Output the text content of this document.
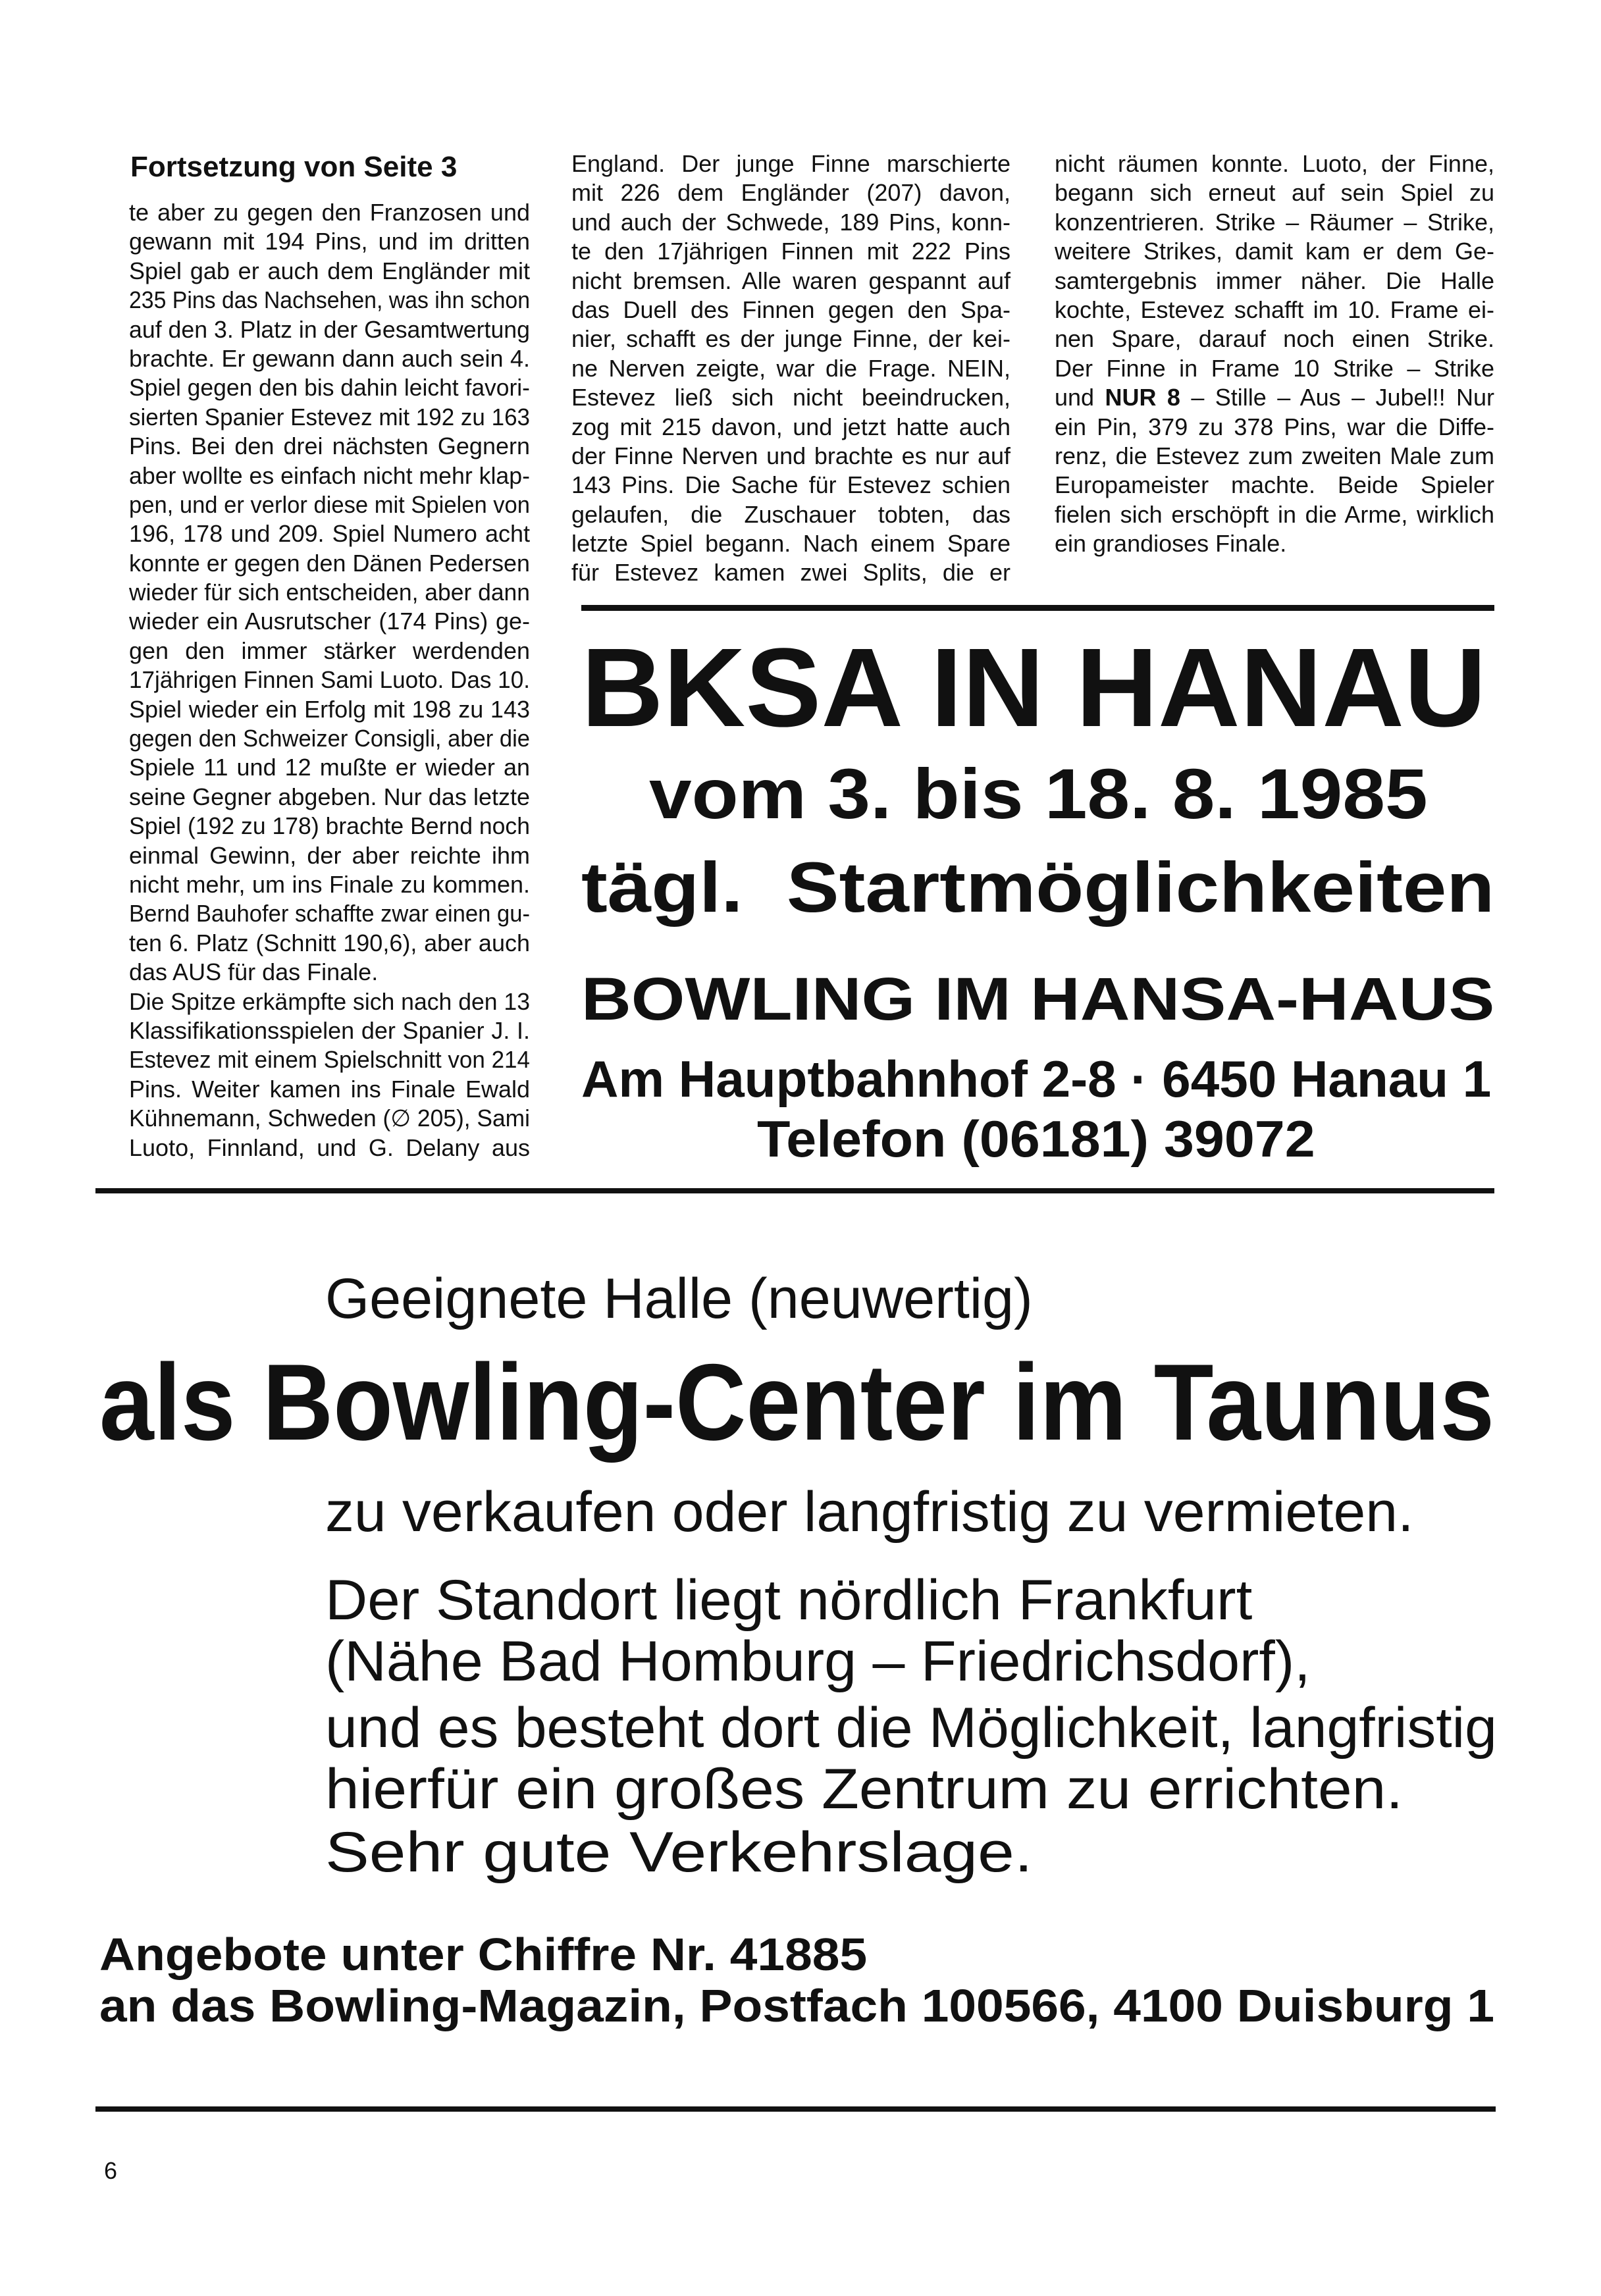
Fortsetzung von Seite 3
te aber zu gegen den Franzosen und
gewann mit 194 Pins, und im dritten
Spiel gab er auch dem Engländer mit
235 Pins das Nachsehen, was ihn schon
auf den 3. Platz in der Gesamtwertung
brachte. Er gewann dann auch sein 4.
Spiel gegen den bis dahin leicht favori-
sierten Spanier Estevez mit 192 zu 163
Pins. Bei den drei nächsten Gegnern
aber wollte es einfach nicht mehr klap-
pen, und er verlor diese mit Spielen von
196, 178 und 209. Spiel Numero acht
konnte er gegen den Dänen Pedersen
wieder für sich entscheiden, aber dann
wieder ein Ausrutscher (174 Pins) ge-
gen den immer stärker werdenden
17jährigen Finnen Sami Luoto. Das 10.
Spiel wieder ein Erfolg mit 198 zu 143
gegen den Schweizer Consigli, aber die
Spiele 11 und 12 mußte er wieder an
seine Gegner abgeben. Nur das letzte
Spiel (192 zu 178) brachte Bernd noch
einmal Gewinn, der aber reichte ihm
nicht mehr, um ins Finale zu kommen.
Bernd Bauhofer schaffte zwar einen gu-
ten 6. Platz (Schnitt 190,6), aber auch
das AUS für das Finale.
Die Spitze erkämpfte sich nach den 13
Klassifikationsspielen der Spanier J. I.
Estevez mit einem Spielschnitt von 214
Pins. Weiter kamen ins Finale Ewald
Kühnemann, Schweden (∅ 205), Sami
Luoto, Finnland, und G. Delany aus
England. Der junge Finne marschierte
mit 226 dem Engländer (207) davon,
und auch der Schwede, 189 Pins, konn-
te den 17jährigen Finnen mit 222 Pins
nicht bremsen. Alle waren gespannt auf
das Duell des Finnen gegen den Spa-
nier, schafft es der junge Finne, der kei-
ne Nerven zeigte, war die Frage. NEIN,
Estevez ließ sich nicht beeindrucken,
zog mit 215 davon, und jetzt hatte auch
der Finne Nerven und brachte es nur auf
143 Pins. Die Sache für Estevez schien
gelaufen, die Zuschauer tobten, das
letzte Spiel begann. Nach einem Spare
für Estevez kamen zwei Splits, die er
nicht räumen konnte. Luoto, der Finne,
begann sich erneut auf sein Spiel zu
konzentrieren. Strike – Räumer – Strike,
weitere Strikes, damit kam er dem Ge-
samtergebnis immer näher. Die Halle
kochte, Estevez schafft im 10. Frame ei-
nen Spare, darauf noch einen Strike.
Der Finne in Frame 10 Strike – Strike
und NUR 8 – Stille – Aus – Jubel!! Nur
ein Pin, 379 zu 378 Pins, war die Diffe-
renz, die Estevez zum zweiten Male zum
Europameister machte. Beide Spieler
fielen sich erschöpft in die Arme, wirklich
ein grandioses Finale.
BKSA IN HANAU
vom 3. bis 18. 8. 1985
tägl.  Startmöglichkeiten
BOWLING IM HANSA-HAUS
Am Hauptbahnhof 2-8 · 6450 Hanau 1
Telefon (06181) 39072
Geeignete Halle (neuwertig)
als Bowling-Center im Taunus
zu verkaufen oder langfristig zu vermieten.
Der Standort liegt nördlich Frankfurt
(Nähe Bad Homburg – Friedrichsdorf),
und es besteht dort die Möglichkeit, langfristig
hierfür ein großes Zentrum zu errichten.
Sehr gute Verkehrslage.
Angebote unter Chiffre Nr. 41885
an das Bowling-Magazin, Postfach 100566, 4100 Duisburg 1
6
